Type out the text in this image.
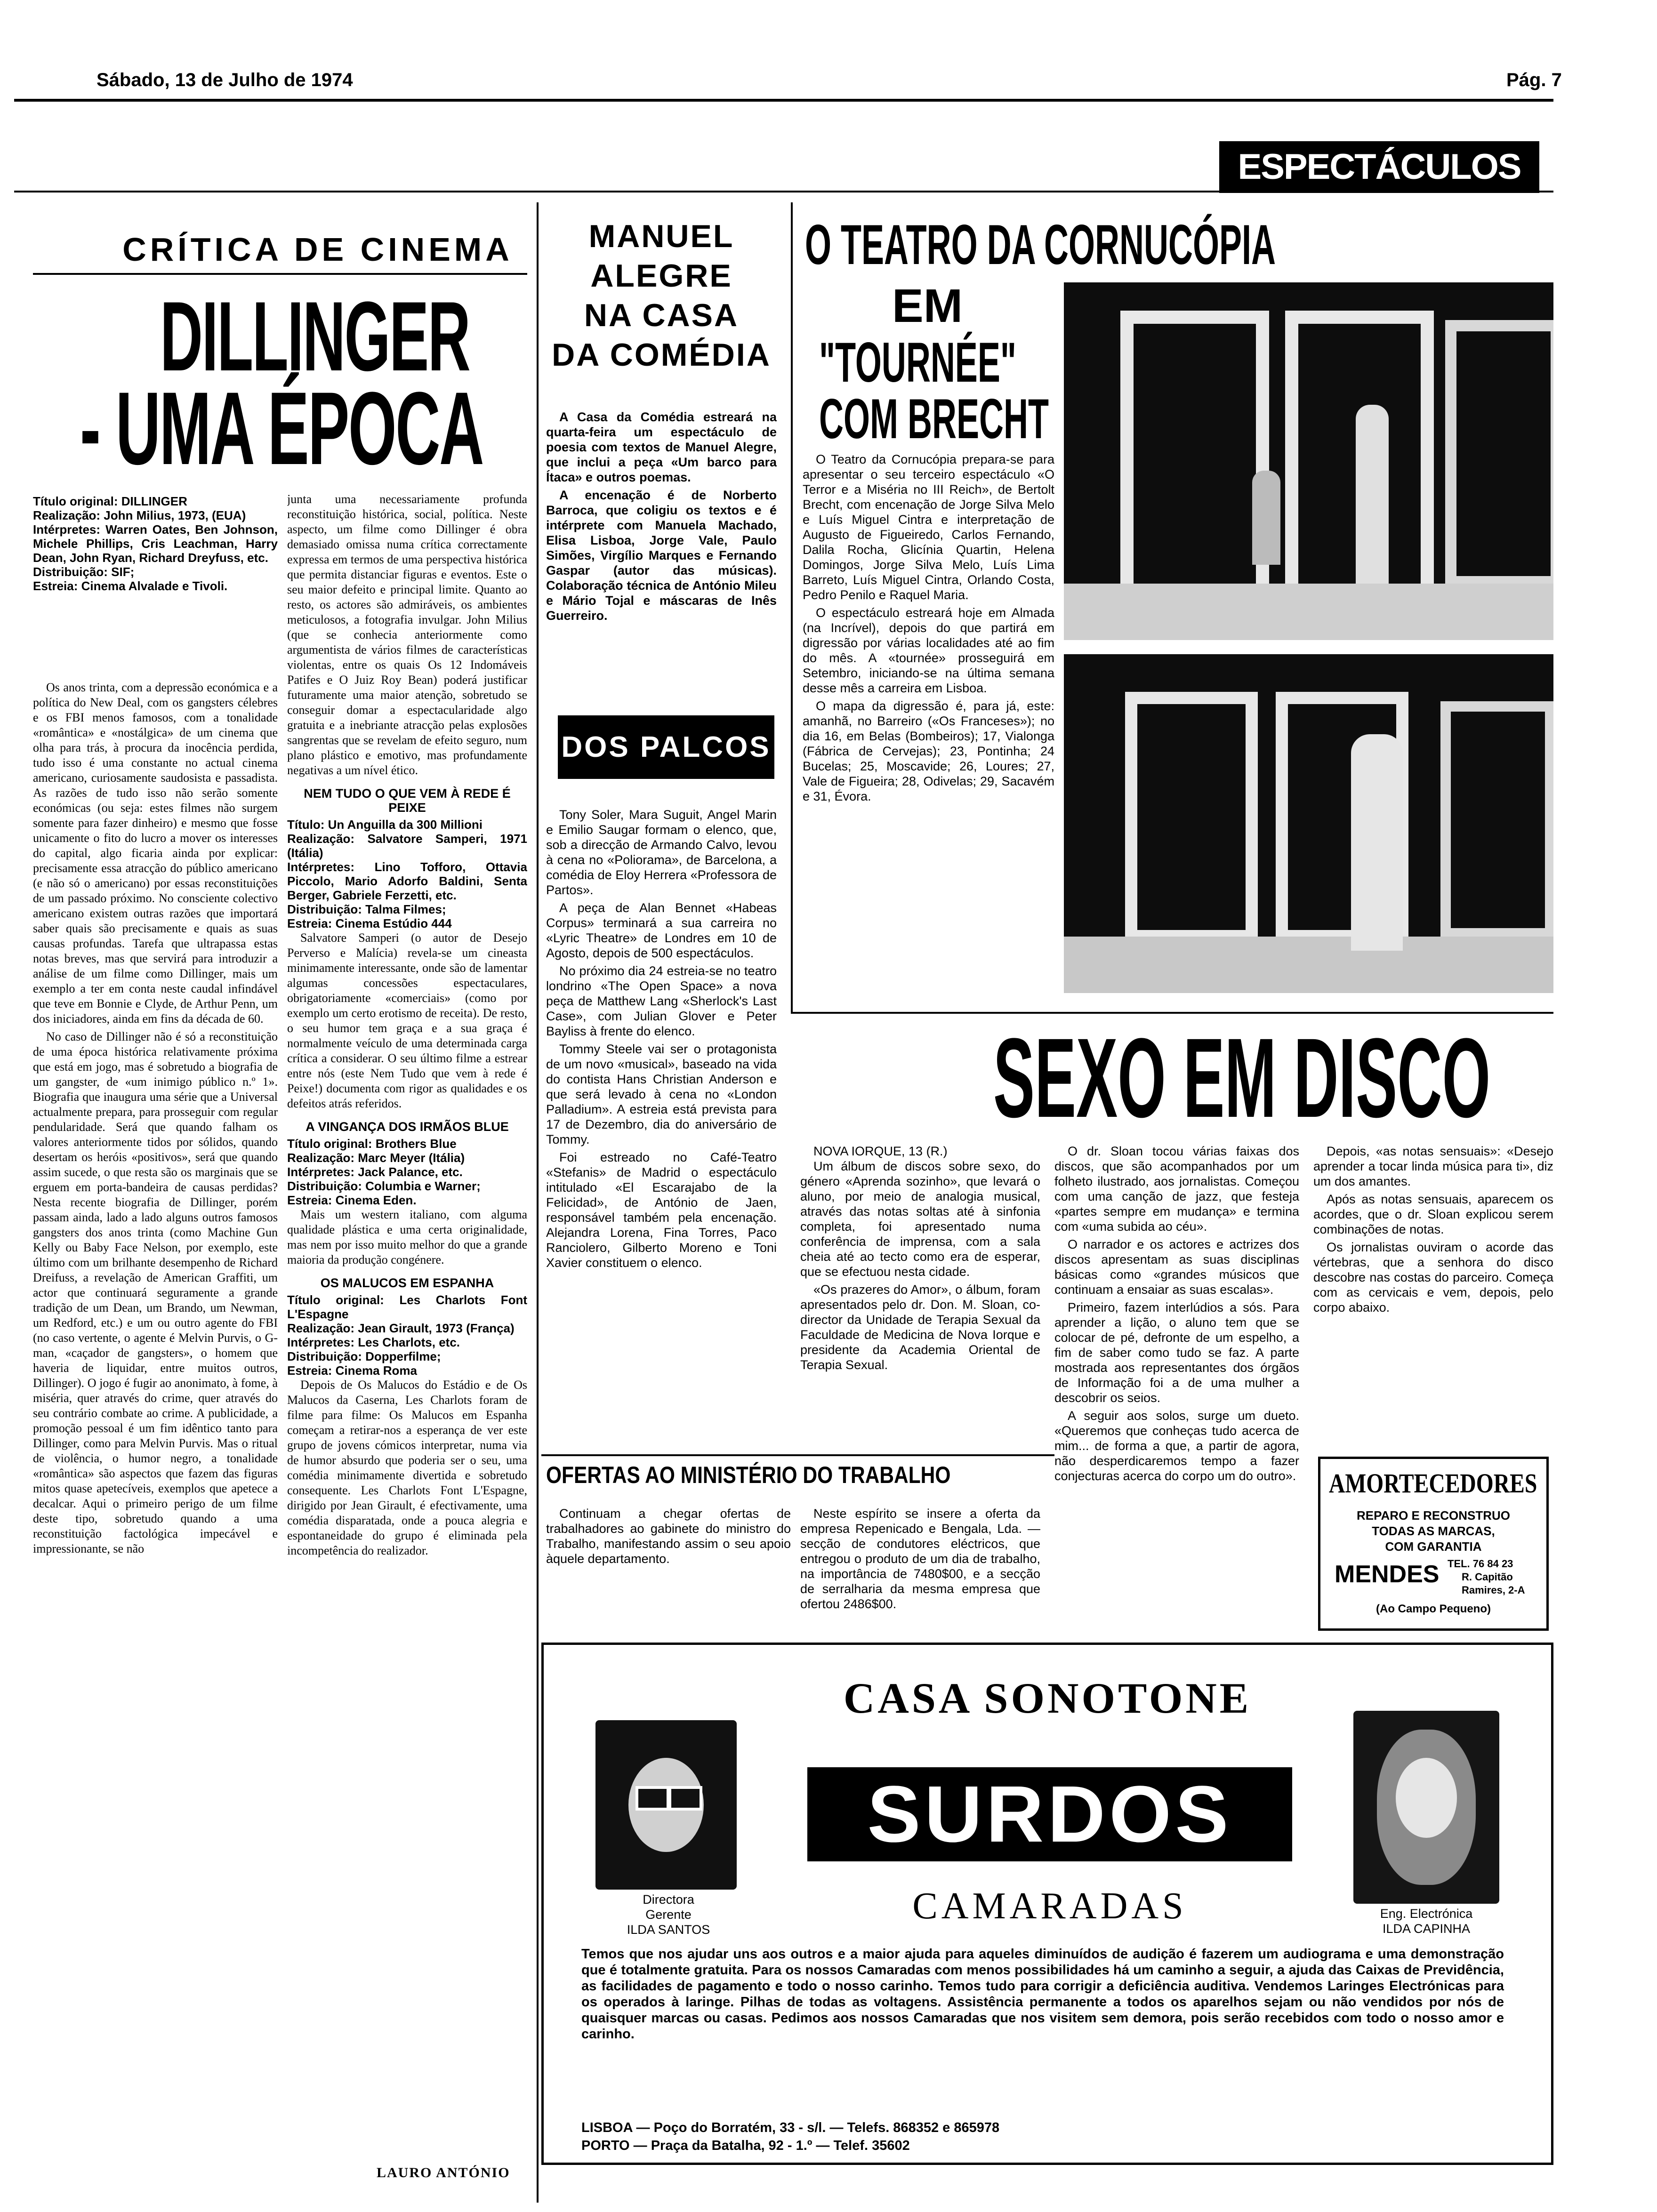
Sábado, 13 de Julho de 1974	Pág. 7
ESPECTÁCULOS
CRÍTICA DE CINEMA
DILLINGER
- UMA ÉPOCA
Título original: DILLINGER
Realização: John Milius, 1973, (EUA)
Intérpretes: Warren Oates, Ben Johnson, Michele Phillips, Cris Leachman, Harry Dean, John Ryan, Richard Dreyfuss, etc.
Distribuição: SIF;
Estreia: Cinema Alvalade e Tivoli.

Os anos trinta, com a depressão económica e a política do New Deal, com os gangsters célebres e os FBI menos famosos, com a tonalidade «romântica» e «nostálgica» de um cinema que olha para trás, à procura da inocência perdida, tudo isso é uma constante no actual cinema americano, curiosamente saudosista e passadista. As razões de tudo isso não serão somente económicas (ou seja: estes filmes não surgem somente para fazer dinheiro) e mesmo que fosse unicamente o fito do lucro a mover os interesses do capital, algo ficaria ainda por explicar: precisamente essa atracção do público americano (e não só o americano) por essas reconstituições de um passado próximo. No consciente colectivo americano existem outras razões que importará saber quais são precisamente e quais as suas causas profundas. Tarefa que ultrapassa estas notas breves, mas que servirá para introduzir a análise de um filme como Dillinger, mais um exemplo a ter em conta neste caudal infindável que teve em Bonnie e Clyde, de Arthur Penn, um dos iniciadores, ainda em fins da década de 60.

No caso de Dillinger não é só a reconstituição de uma época histórica relativamente próxima que está em jogo, mas é sobretudo a biografia de um gangster, de «um inimigo público n.º 1». Biografia que inaugura uma série que a Universal actualmente prepara, para prosseguir com regular pendularidade. Será que quando falham os valores anteriormente tidos por sólidos, quando desertam os heróis «positivos», será que quando assim sucede, o que resta são os marginais que se erguem em porta-bandeira de causas perdidas? Nesta recente biografia de Dillinger, porém passam ainda, lado a lado alguns outros famosos gangsters dos anos trinta (como Machine Gun Kelly ou Baby Face Nelson, por exemplo, este último com um brilhante desempenho de Richard Dreifuss, a revelação de American Graffiti, um actor que continuará seguramente a grande tradição de um Dean, um Brando, um Newman, um Redford, etc.) e um ou outro agente do FBI (no caso vertente, o agente é Melvin Purvis, o G-man, «caçador de gangsters», o homem que haveria de liquidar, entre muitos outros, Dillinger). O jogo é fugir ao anonimato, à fome, à miséria, quer através do crime, quer através do seu contrário combate ao crime. A publicidade, a promoção pessoal é um fim idêntico tanto para Dillinger, como para Melvin Purvis. Mas o ritual de violência, o humor negro, a tonalidade «romântica» são aspectos que fazem das figuras mitos quase apetecíveis, exemplos que apetece a decalcar. Aqui o primeiro perigo de um filme deste tipo, sobretudo quando a uma reconstituição factológica impecável e impressionante, se não

junta uma necessariamente profunda reconstituição histórica, social, política. Neste aspecto, um filme como Dillinger é obra demasiado omissa numa crítica correctamente expressa em termos de uma perspectiva histórica que permita distanciar figuras e eventos. Este o seu maior defeito e principal limite. Quanto ao resto, os actores são admiráveis, os ambientes meticulosos, a fotografia invulgar. John Milius (que se conhecia anteriormente como argumentista de vários filmes de características violentas, entre os quais Os 12 Indomáveis Patifes e O Juiz Roy Bean) poderá justificar futuramente uma maior atenção, sobretudo se conseguir domar a espectacularidade algo gratuita e a inebriante atracção pelas explosões sangrentas que se revelam de efeito seguro, num plano plástico e emotivo, mas profundamente negativas a um nível ético.

NEM TUDO O QUE VEM À REDE É PEIXE
Título: Un Anguilla da 300 Millioni
Realização: Salvatore Samperi, 1971 (Itália)
Intérpretes: Lino Tofforo, Ottavia Piccolo, Mario Adorfo Baldini, Senta Berger, Gabriele Ferzetti, etc.
Distribuição: Talma Filmes;
Estreia: Cinema Estúdio 444

Salvatore Samperi (o autor de Desejo Perverso e Malícia) revela-se um cineasta minimamente interessante, onde são de lamentar algumas concessões espectaculares, obrigatoriamente «comerciais» (como por exemplo um certo erotismo de receita). De resto, o seu humor tem graça e a sua graça é normalmente veículo de uma determinada carga crítica a considerar. O seu último filme a estrear entre nós (este Nem Tudo que vem à rede é Peixe!) documenta com rigor as qualidades e os defeitos atrás referidos.

A VINGANÇA DOS IRMÃOS BLUE
Título original: Brothers Blue
Realização: Marc Meyer (Itália)
Intérpretes: Jack Palance, etc.
Distribuição: Columbia e Warner;
Estreia: Cinema Eden.

Mais um western italiano, com alguma qualidade plástica e uma certa originalidade, mas nem por isso muito melhor do que a grande maioria da produção congénere.

OS MALUCOS EM ESPANHA
Título original: Les Charlots Font L'Espagne
Realização: Jean Girault, 1973 (França)
Intérpretes: Les Charlots, etc.
Distribuição: Dopperfilme;
Estreia: Cinema Roma

Depois de Os Malucos do Estádio e de Os Malucos da Caserna, Les Charlots foram de filme para filme: Os Malucos em Espanha começam a retirar-nos a esperança de ver este grupo de jovens cómicos interpretar, numa via de humor absurdo que poderia ser o seu, uma comédia minimamente divertida e sobretudo consequente. Les Charlots Font L'Espagne, dirigido por Jean Girault, é efectivamente, uma comédia disparatada, onde a pouca alegria e espontaneidade do grupo é eliminada pela incompetência do realizador.

LAURO ANTÓNIO
MANUEL
ALEGRE
NA CASA
DA COMÉDIA

A Casa da Comédia estreará na quarta-feira um espectáculo de poesia com textos de Manuel Alegre, que inclui a peça «Um barco para Ítaca» e outros poemas.

A encenação é de Norberto Barroca, que coligiu os textos e é intérprete com Manuela Machado, Elisa Lisboa, Jorge Vale, Paulo Simões, Virgílio Marques e Fernando Gaspar (autor das músicas). Colaboração técnica de António Mileu e Mário Tojal e máscaras de Inês Guerreiro.

DOS PALCOS

Tony Soler, Mara Suguit, Angel Marin e Emilio Saugar formam o elenco, que, sob a direcção de Armando Calvo, levou à cena no «Poliorama», de Barcelona, a comédia de Eloy Herrera «Professora de Partos».

A peça de Alan Bennet «Habeas Corpus» terminará a sua carreira no «Lyric Theatre» de Londres em 10 de Agosto, depois de 500 espectáculos.

No próximo dia 24 estreia-se no teatro londrino «The Open Space» a nova peça de Matthew Lang «Sherlock's Last Case», com Julian Glover e Peter Bayliss à frente do elenco.

Tommy Steele vai ser o protagonista de um novo «musical», baseado na vida do contista Hans Christian Anderson e que será levado à cena no «London Palladium». A estreia está prevista para 17 de Dezembro, dia do aniversário de Tommy.

Foi estreado no Café-Teatro «Stefanis» de Madrid o espectáculo intitulado «El Escarajabo de la Felicidad», de António de Jaen, responsável também pela encenação. Alejandra Lorena, Fina Torres, Paco Ranciolero, Gilberto Moreno e Toni Xavier constituem o elenco.

O TEATRO DA CORNUCÓPIA
EM
"TOURNÉE"
COM BRECHT

O Teatro da Cornucópia prepara-se para apresentar o seu terceiro espectáculo «O Terror e a Miséria no III Reich», de Bertolt Brecht, com encenação de Jorge Silva Melo e Luís Miguel Cintra e interpretação de Augusto de Figueiredo, Carlos Fernando, Dalila Rocha, Glicínia Quartin, Helena Domingos, Jorge Silva Melo, Luís Lima Barreto, Luís Miguel Cintra, Orlando Costa, Pedro Penilo e Raquel Maria.

O espectáculo estreará hoje em Almada (na Incrível), depois do que partirá em digressão por várias localidades até ao fim do mês. A «tournée» prosseguirá em Setembro, iniciando-se na última semana desse mês a carreira em Lisboa.

O mapa da digressão é, para já, este: amanhã, no Barreiro («Os Franceses»); no dia 16, em Belas (Bombeiros); 17, Vialonga (Fábrica de Cervejas); 23, Pontinha; 24 Bucelas; 25, Moscavide; 26, Loures; 27, Vale de Figueira; 28, Odivelas; 29, Sacavém e 31, Évora.

SEXO EM DISCO
NOVA IORQUE, 13 (R.)

Um álbum de discos sobre sexo, do género «Aprenda sozinho», que levará o aluno, por meio de analogia musical, através das notas soltas até à sinfonia completa, foi apresentado numa conferência de imprensa, com a sala cheia até ao tecto como era de esperar, que se efectuou nesta cidade.

«Os prazeres do Amor», o álbum, foram apresentados pelo dr. Don. M. Sloan, co-director da Unidade de Terapia Sexual da Faculdade de Medicina de Nova Iorque e presidente da Academia Oriental de Terapia Sexual.

O dr. Sloan tocou várias faixas dos discos, que são acompanhados por um folheto ilustrado, aos jornalistas. Começou com uma canção de jazz, que festeja «partes sempre em mudança» e termina com «uma subida ao céu».

O narrador e os actores e actrizes dos discos apresentam as suas disciplinas básicas como «grandes músicos que continuam a ensaiar as suas escalas».

Primeiro, fazem interlúdios a sós. Para aprender a lição, o aluno tem que se colocar de pé, defronte de um espelho, a fim de saber como tudo se faz. A parte mostrada aos representantes dos órgãos de Informação foi a de uma mulher a descobrir os seios.

A seguir aos solos, surge um dueto. «Queremos que conheças tudo acerca de mim... de forma a que, a partir de agora, não desperdicaremos tempo a fazer conjecturas acerca do corpo um do outro».

Depois, «as notas sensuais»: «Desejo aprender a tocar linda música para ti», diz um dos amantes.

Após as notas sensuais, aparecem os acordes, que o dr. Sloan explicou serem combinações de notas.

Os jornalistas ouviram o acorde das vértebras, que a senhora do disco descobre nas costas do parceiro. Começa com as cervicais e vem, depois, pelo corpo abaixo.

OFERTAS AO MINISTÉRIO DO TRABALHO

Continuam a chegar ofertas de trabalhadores ao gabinete do ministro do Trabalho, manifestando assim o seu apoio àquele departamento.

Neste espírito se insere a oferta da empresa Repenicado e Bengala, Lda. — secção de condutores eléctricos, que entregou o produto de um dia de trabalho, na importância de 7480$00, e a secção de serralharia da mesma empresa que ofertou 2486$00.

AMORTECEDORES
REPARO E RECONSTRUO
TODAS AS MARCAS,
COM GARANTIA
MENDES TEL. 76 84 23
R. Capitão
Ramires, 2-A
(Ao Campo Pequeno)
CASA SONOTONE
Directora
Gerente
ILDA SANTOS
SURDOS
CAMARADAS	Eng. Electrónica
ILDA CAPINHA
Temos que nos ajudar uns aos outros e a maior ajuda para aqueles diminuídos de audição é fazerem um audiograma e uma demonstração que é totalmente gratuita. Para os nossos Camaradas com menos possibilidades há um caminho a seguir, a ajuda das Caixas de Previdência, as facilidades de pagamento e todo o nosso carinho. Temos tudo para corrigir a deficiência auditiva. Vendemos Laringes Electrónicas para os operados à laringe. Pilhas de todas as voltagens. Assistência permanente a todos os aparelhos sejam ou não vendidos por nós de quaisquer marcas ou casas. Pedimos aos nossos Camaradas que nos visitem sem demora, pois serão recebidos com todo o nosso amor e carinho.
LISBOA — Poço do Borratém, 33 - s/l. — Telefs. 868352 e 865978
PORTO — Praça da Batalha, 92 - 1.º — Telef. 35602
